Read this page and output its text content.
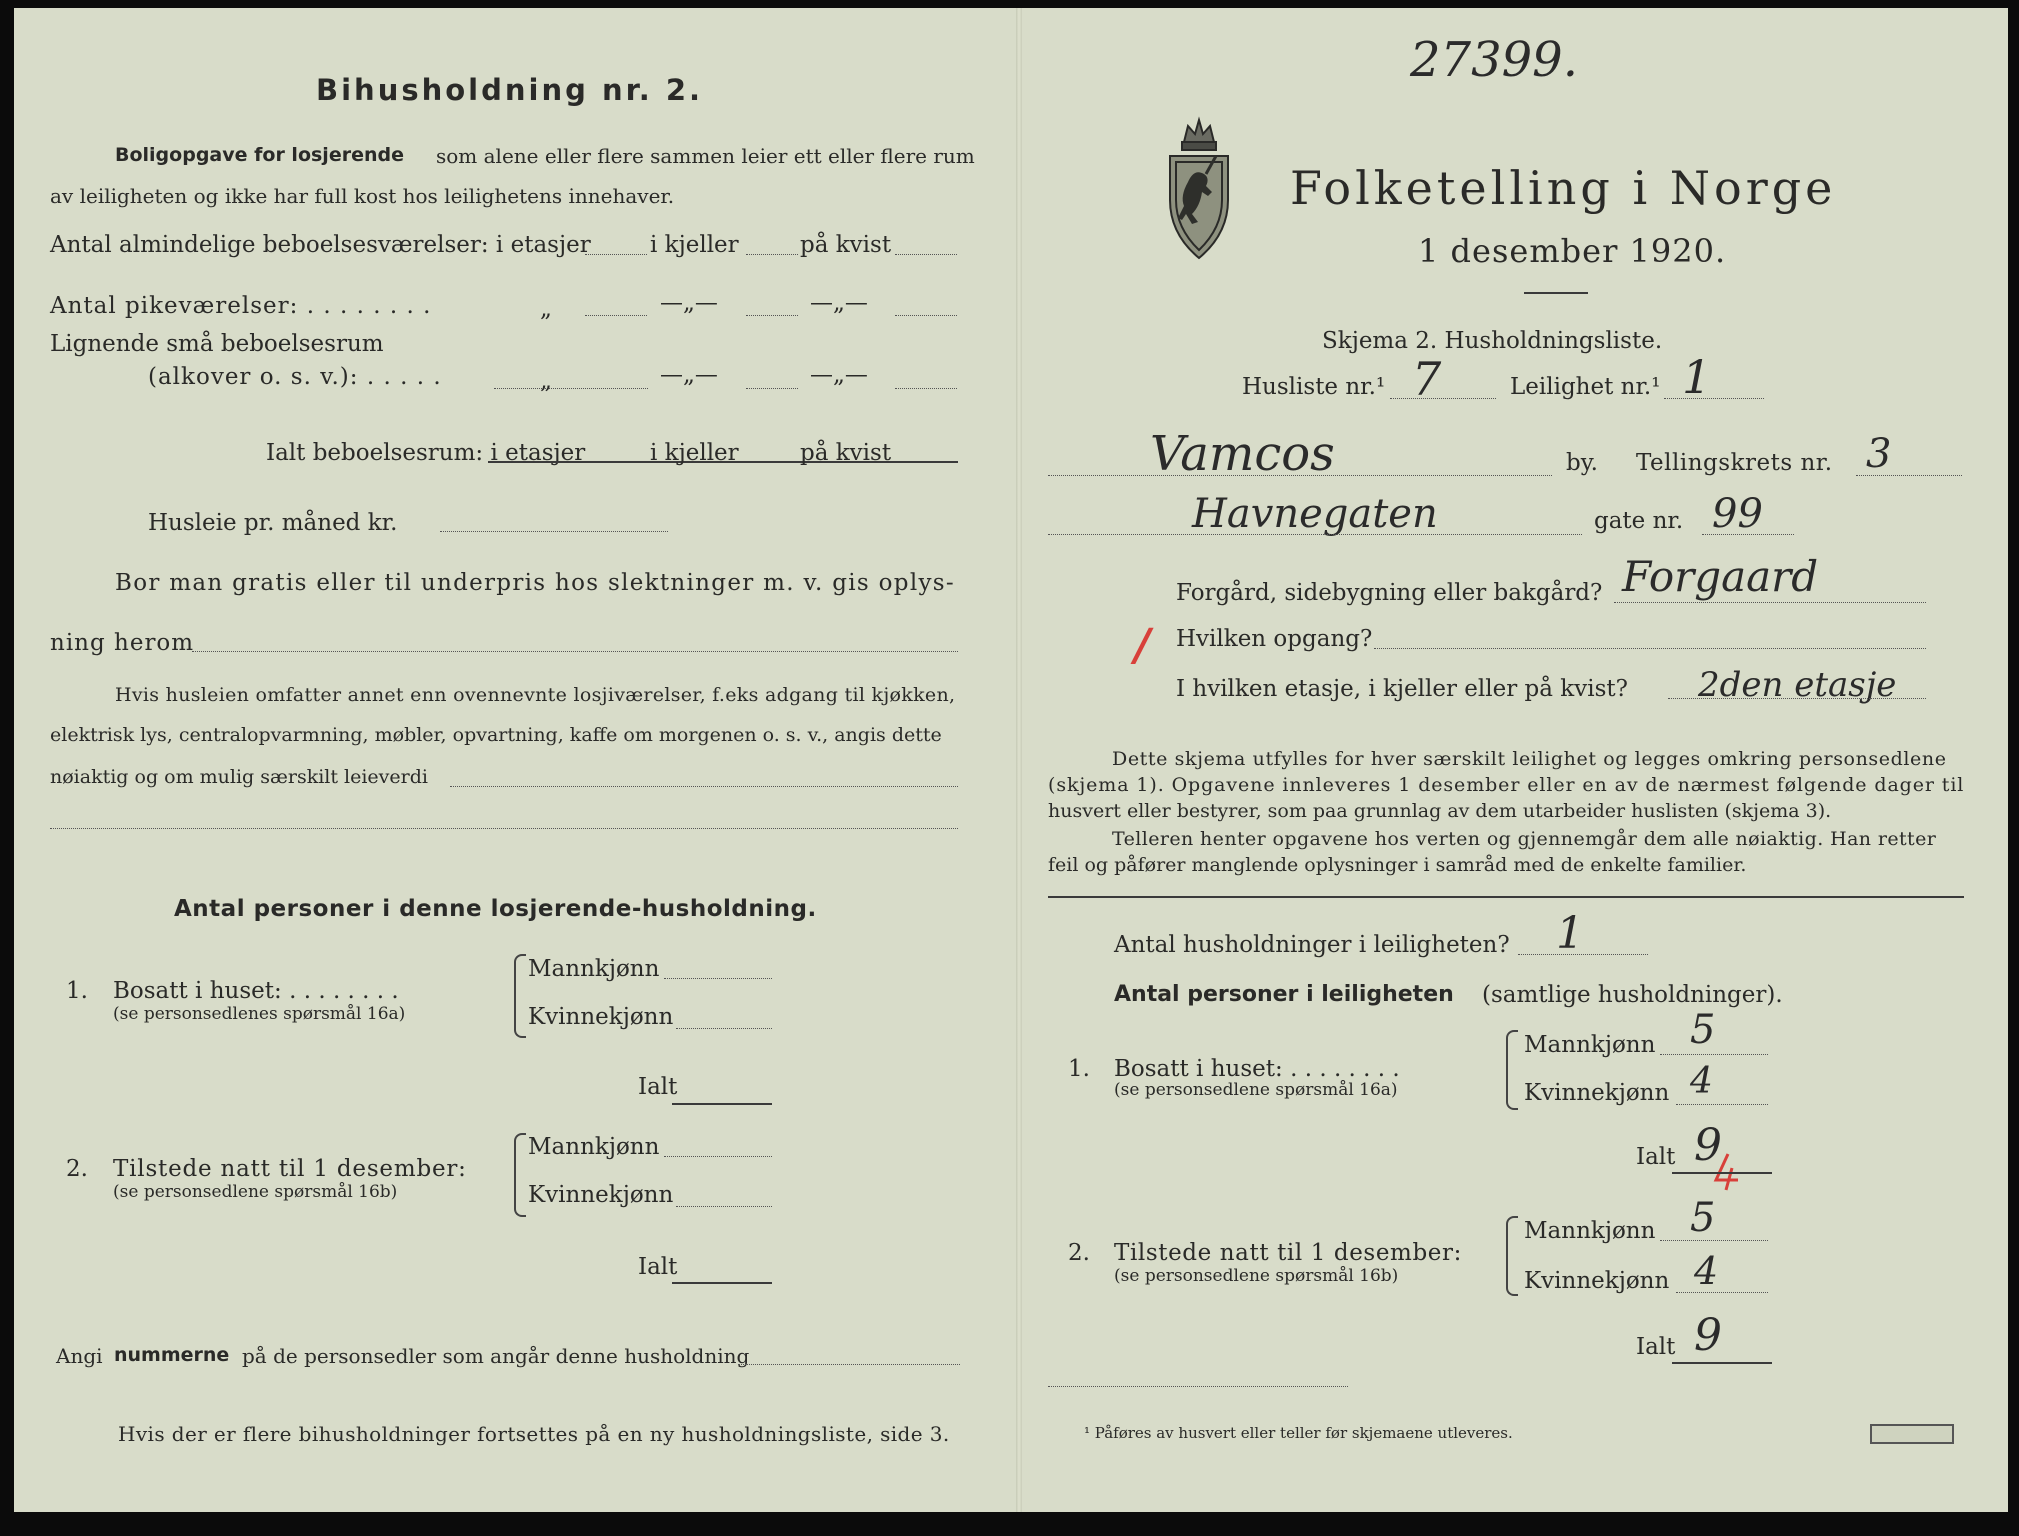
Bihusholdning nr. 2.
Boligopgave for losjerende som alene eller flere sammen leier ett eller flere rum
av leiligheten og ikke har full kost hos leilighetens innehaver.
Antal almindelige beboelsesværelser: i etasjer	i kjeller	på kvist
Antal pikeværelser: . . . . . . . .	„	—„—	—„—
Lignende små beboelsesrum
(alkover o. s. v.): . . . . .	„	—„—	—„—
Ialt beboelsesrum: i etasjer	i kjeller	på kvist
Husleie pr. måned kr.
Bor man gratis eller til underpris hos slektninger m. v. gis oplys-
ning herom
Hvis husleien omfatter annet enn ovennevnte losjiværelser, f.eks adgang til kjøkken,
elektrisk lys, centralopvarmning, møbler, opvartning, kaffe om morgenen o. s. v., angis dette
nøiaktig og om mulig særskilt leieverdi
Antal personer i denne losjerende-husholdning.
1. Bosatt i huset: . . . . . . . .
(se personsedlenes spørsmål 16a)
Mannkjønn
Kvinnekjønn
Ialt
2. Tilstede natt til 1 desember:
(se personsedlene spørsmål 16b)
Mannkjønn
Kvinnekjønn
Ialt
Angi nummerne på de personsedler som angår denne husholdning
Hvis der er flere bihusholdninger fortsettes på en ny husholdningsliste, side 3.
27399.
Folketelling i Norge
1 desember 1920.
Skjema 2. Husholdningsliste.
Husliste nr.¹ 7	Leilighet nr.¹ 1
Vamcos	by. Tellingskrets nr. 3
Havnegaten	gate nr. 99
Forgård, sidebygning eller bakgård? Forgaard
/ Hvilken opgang?
I hvilken etasje, i kjeller eller på kvist? 2den etasje
Dette skjema utfylles for hver særskilt leilighet og legges omkring personsedlene
(skjema 1). Opgavene innleveres 1 desember eller en av de nærmest følgende dager til
husvert eller bestyrer, som paa grunnlag av dem utarbeider huslisten (skjema 3).
Telleren henter opgavene hos verten og gjennemgår dem alle nøiaktig. Han retter
feil og påfører manglende oplysninger i samråd med de enkelte familier.
Antal husholdninger i leiligheten? 1
Antal personer i leiligheten (samtlige husholdninger).
1. Bosatt i huset: . . . . . . . .
(se personsedlene spørsmål 16a)
Mannkjønn 5
Kvinnekjønn 4
Ialt 9
2. Tilstede natt til 1 desember:
(se personsedlene spørsmål 16b)
Mannkjønn 5
Kvinnekjønn 4
Ialt 9
¹ Påføres av husvert eller teller før skjemaene utleveres.
